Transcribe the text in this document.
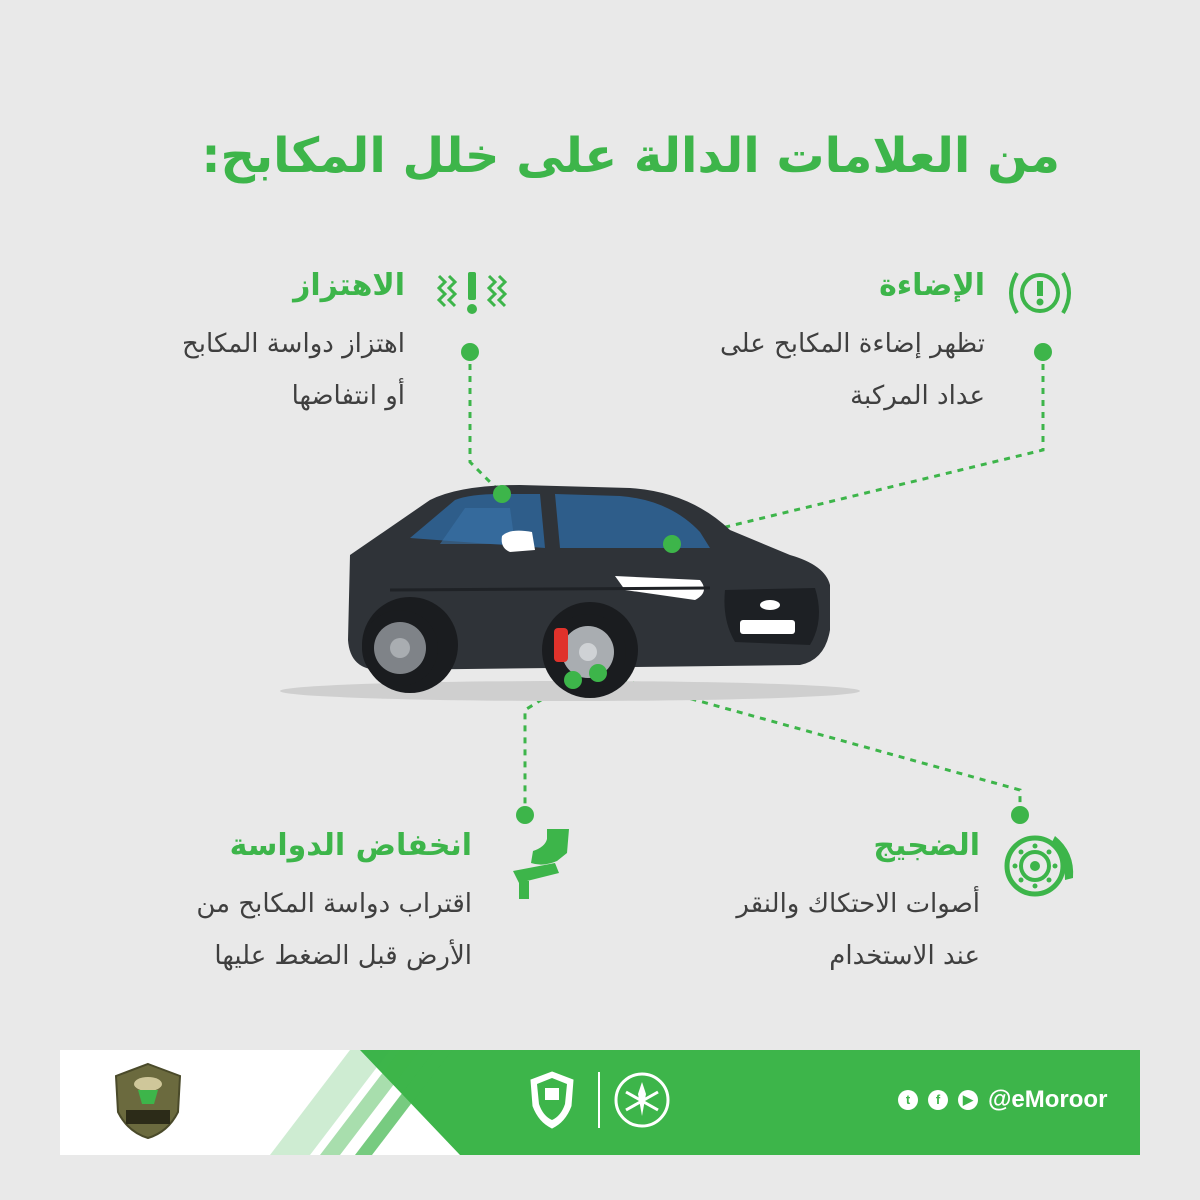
من العلامات الدالة على خلل المكابح:
الإضاءة
تظهر إضاءة المكابح على
عداد المركبة
الاهتزاز
اهتزاز دواسة المكابح
أو انتفاضها
انخفاض الدواسة
اقتراب دواسة المكابح من
الأرض قبل الضغط عليها
الضجيج
أصوات الاحتكاك والنقر
عند الاستخدام
t	f	▶ @eMoroor
